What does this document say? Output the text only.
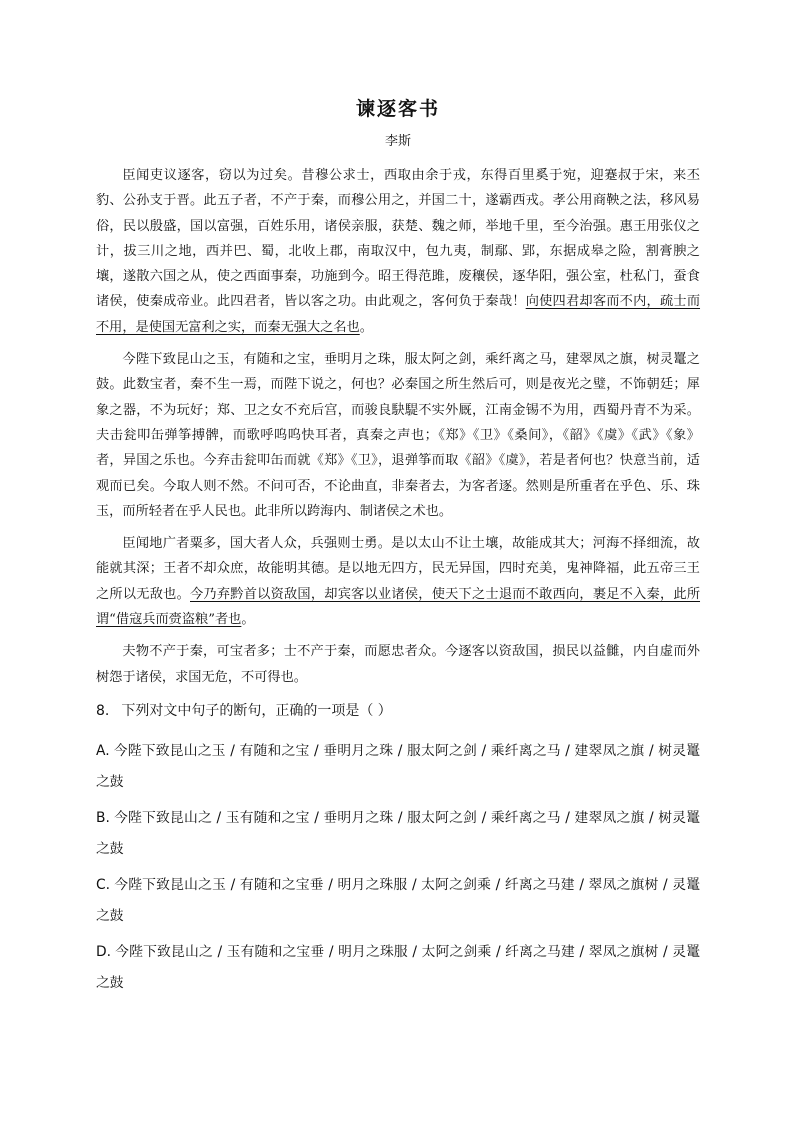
谏逐客书
李斯

臣闻吏议逐客，窃以为过矣。昔穆公求士，西取由余于戎，东得百里奚于宛，迎蹇叔于宋，来丕豹、公孙支于晋。此五子者，不产于秦，而穆公用之，并国二十，遂霸西戎。孝公用商鞅之法，移风易俗，民以殷盛，国以富强，百姓乐用，诸侯亲服，获楚、魏之师，举地千里，至今治强。惠王用张仪之计，拔三川之地，西并巴、蜀，北收上郡，南取汉中，包九夷，制鄢、郢，东据成皋之险，割膏腴之壤，遂散六国之从，使之西面事秦，功施到今。昭王得范雎，废穰侯，逐华阳，强公室，杜私门，蚕食诸侯，使秦成帝业。此四君者，皆以客之功。由此观之，客何负于秦哉！向使四君却客而不内，疏士而不用，是使国无富利之实，而秦无强大之名也。

今陛下致昆山之玉，有随和之宝，垂明月之珠，服太阿之剑，乘纤离之马，建翠凤之旗，树灵鼍之鼓。此数宝者，秦不生一焉，而陛下说之，何也？必秦国之所生然后可，则是夜光之璧，不饰朝廷；犀象之器，不为玩好；郑、卫之女不充后宫，而骏良駃騠不实外厩，江南金锡不为用，西蜀丹青不为采。夫击瓮叩缶弹筝搏髀，而歌呼呜呜快耳者，真秦之声也；《郑》《卫》《桑间》，《韶》《虞》《武》《象》者，异国之乐也。今弃击瓮叩缶而就《郑》《卫》，退弹筝而取《韶》《虞》，若是者何也？快意当前，适观而已矣。今取人则不然。不问可否，不论曲直，非秦者去，为客者逐。然则是所重者在乎色、乐、珠玉，而所轻者在乎人民也。此非所以跨海内、制诸侯之术也。

臣闻地广者粟多，国大者人众，兵强则士勇。是以太山不让土壤，故能成其大；河海不择细流，故能就其深；王者不却众庶，故能明其德。是以地无四方，民无异国，四时充美，鬼神降福，此五帝三王之所以无敌也。今乃弃黔首以资敌国，却宾客以业诸侯，使天下之士退而不敢西向，裹足不入秦，此所谓“借寇兵而赍盗粮”者也。

夫物不产于秦，可宝者多；士不产于秦，而愿忠者众。今逐客以资敌国，损民以益雠，内自虚而外树怨于诸侯，求国无危，不可得也。

8. 下列对文中句子的断句，正确的一项是（ ）

A. 今陛下致昆山之玉 / 有随和之宝 / 垂明月之珠 / 服太阿之剑 / 乘纤离之马 / 建翠凤之旗 / 树灵鼍之鼓

B. 今陛下致昆山之 / 玉有随和之宝 / 垂明月之珠 / 服太阿之剑 / 乘纤离之马 / 建翠凤之旗 / 树灵鼍之鼓

C. 今陛下致昆山之玉 / 有随和之宝垂 / 明月之珠服 / 太阿之剑乘 / 纤离之马建 / 翠凤之旗树 / 灵鼍之鼓

D. 今陛下致昆山之 / 玉有随和之宝垂 / 明月之珠服 / 太阿之剑乘 / 纤离之马建 / 翠凤之旗树 / 灵鼍之鼓
